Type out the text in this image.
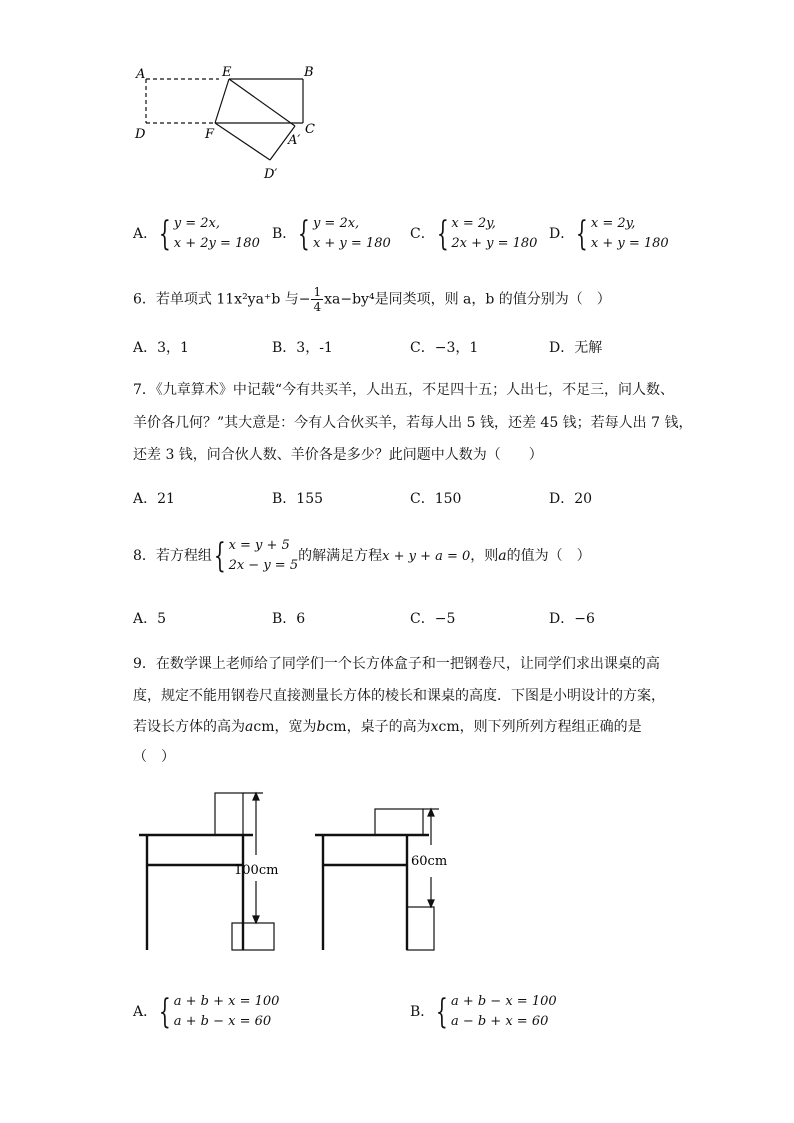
A	E	B
D	F	C
A′
D′
A． { y = 2x,
x + 2y = 180
B． { y = 2x,
x + y = 180
C． { x = 2y,
2x + y = 180
D． { x = 2y,
x + y = 180
6．若单项式 11x²ya⁺b 与− $\frac{1}{4} xa-by^4$是同类项，则 a，b 的值分别为（　）
A．3，1	B．3，-1	C．−3，1	D．无解
7．《九章算术》中记载“今有共买羊，人出五，不足四十五；人出七，不足三，问人数、
羊价各几何？”其大意是：今有人合伙买羊，若每人出 5 钱，还差 45 钱；若每人出 7 钱，
还差 3 钱，问合伙人数、羊价各是多少？此问题中人数为（　　）
A．21	B．155	C．150	D．20
8．若方程组 { x = y + 5
2x − y = 5
的解满足方程x + y + a = 0，则a的值为（　）
A．5	B．6	C．−5	D．−6
9．在数学课上老师给了同学们一个长方体盒子和一把钢卷尺，让同学们求出课桌的高
度，规定不能用钢卷尺直接测量长方体的棱长和课桌的高度．下图是小明设计的方案，
若设长方体的高为acm，宽为bcm，桌子的高为xcm，则下列所列方程组正确的是
（　）
100cm
60cm
A． { a + b + x = 100
a + b − x = 60
B． { a + b − x = 100
a − b + x = 60
